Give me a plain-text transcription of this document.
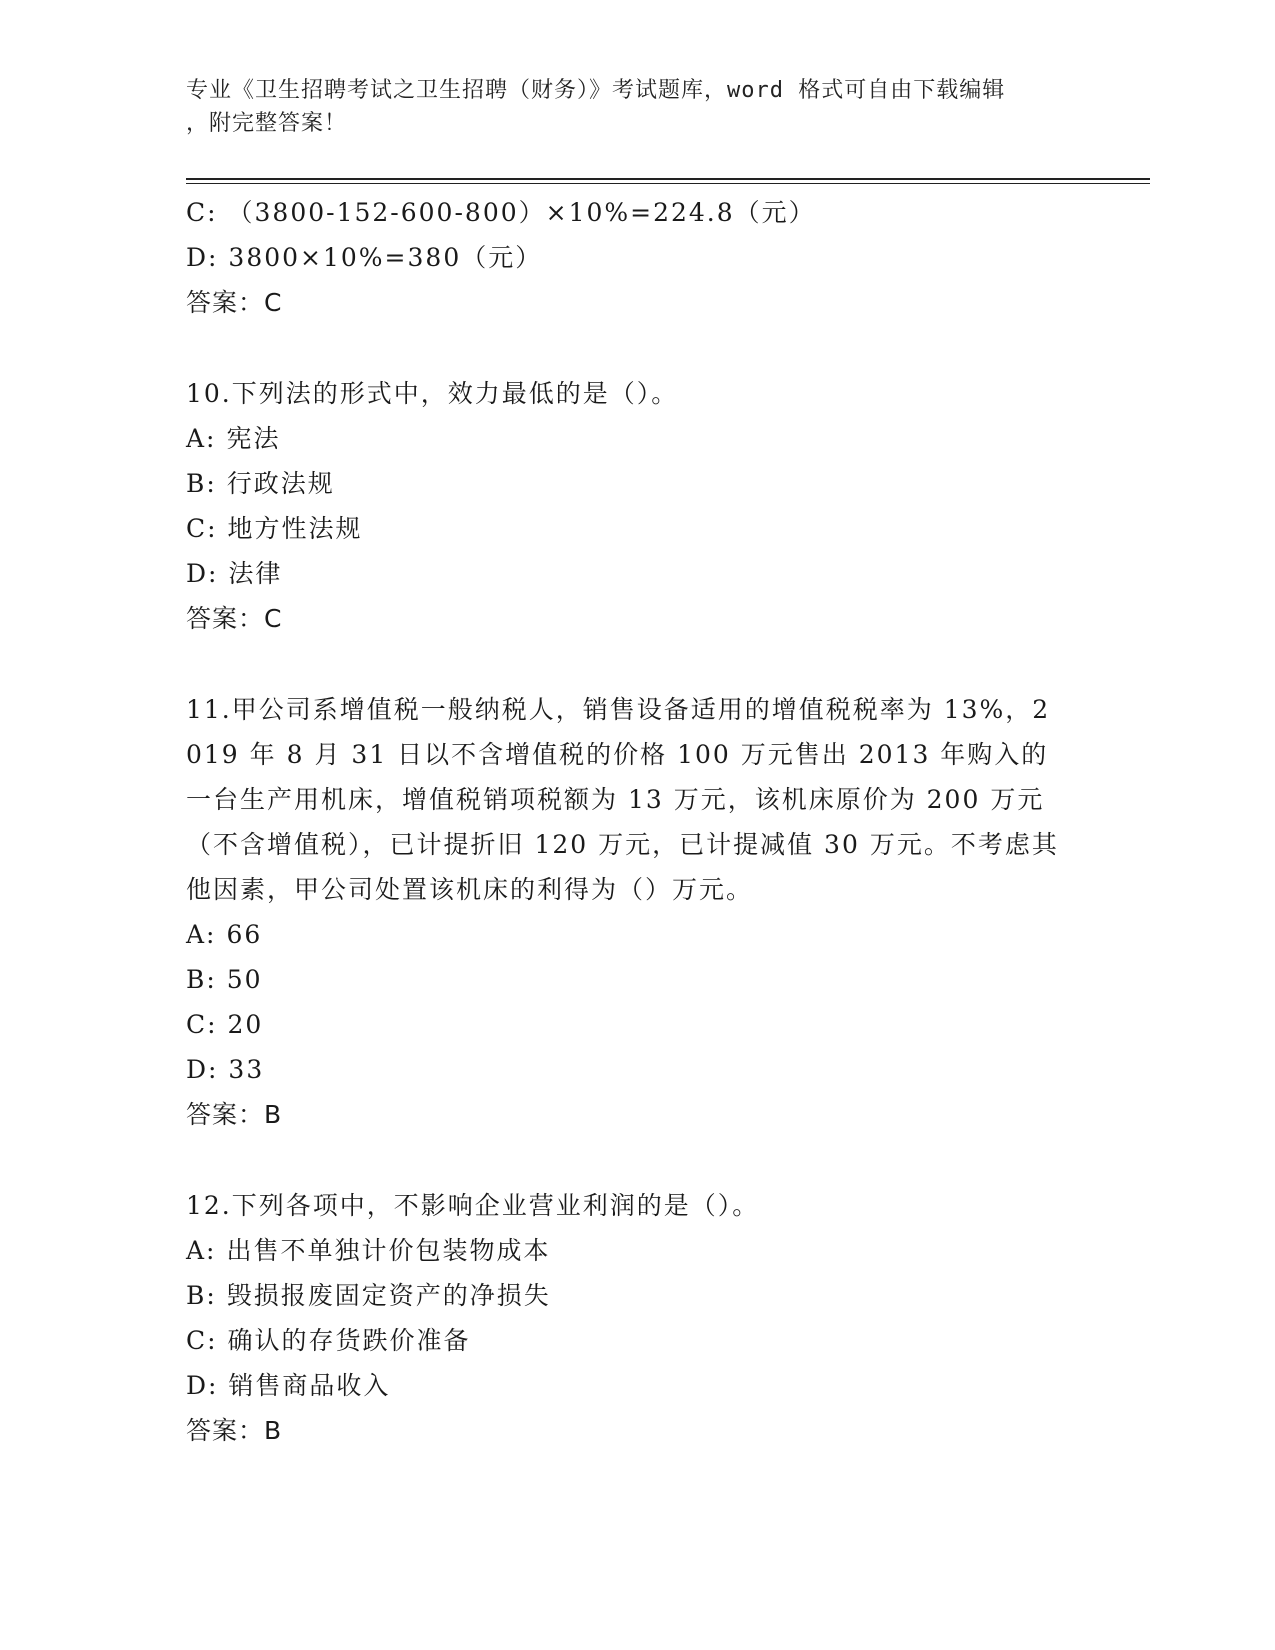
专业《卫生招聘考试之卫生招聘（财务）》考试题库，word 格式可自由下载编辑
，附完整答案！
C: （3800-152-600-800）×10%=224.8（元）
D: 3800×10%=380（元）
答案：C
10.下列法的形式中，效力最低的是（）。
A: 宪法
B: 行政法规
C: 地方性法规
D: 法律
答案：C
11.甲公司系增值税一般纳税人，销售设备适用的增值税税率为 13%，2019 年 8 月 31 日以不含增值税的价格 100 万元售出 2013 年购入的一台生产用机床，增值税销项税额为 13 万元，该机床原价为 200 万元（不含增值税），已计提折旧 120 万元，已计提减值 30 万元。不考虑其他因素，甲公司处置该机床的利得为（）万元。
A: 66
B: 50
C: 20
D: 33
答案：B
12.下列各项中，不影响企业营业利润的是（）。
A: 出售不单独计价包装物成本
B: 毁损报废固定资产的净损失
C: 确认的存货跌价准备
D: 销售商品收入
答案：B
